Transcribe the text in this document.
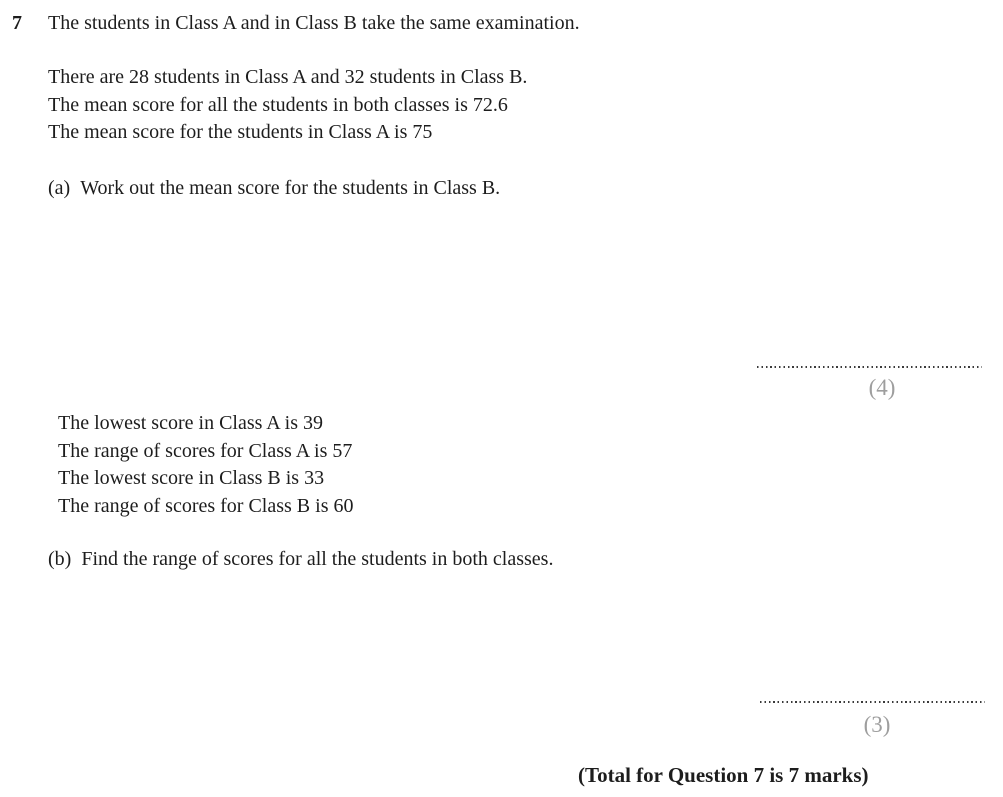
7 The students in Class A and in Class B take the same examination.
There are 28 students in Class A and 32 students in Class B.
The mean score for all the students in both classes is 72.6
The mean score for the students in Class A is 75
(a) Work out the mean score for the students in Class B.
(4)
The lowest score in Class A is 39
The range of scores for Class A is 57
The lowest score in Class B is 33
The range of scores for Class B is 60
(b) Find the range of scores for all the students in both classes.
(3)
(Total for Question 7 is 7 marks)
